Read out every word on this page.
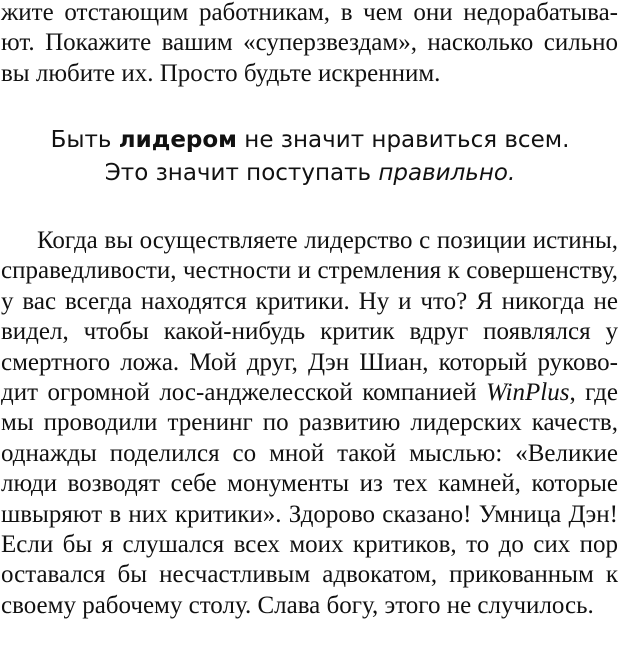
жите отстающим работникам, в чем они недорабатыва-
ют. Покажите вашим «суперзвездам», насколько сильно
вы любите их. Просто будьте искренним.
Быть лидером не значит нравиться всем.
Это значит поступать правильно.
Когда вы осуществляете лидерство с позиции истины,
справедливости, честности и стремления к совершенству,
у вас всегда находятся критики. Ну и что? Я никогда не
видел, чтобы какой-нибудь критик вдруг появлялся у
смертного ложа. Мой друг, Дэн Шиан, который руково-
дит огромной лос-анджелесской компанией WinPlus, где
мы проводили тренинг по развитию лидерских качеств,
однажды поделился со мной такой мыслью: «Великие
люди возводят себе монументы из тех камней, которые
швыряют в них критики». Здорово сказано! Умница Дэн!
Если бы я слушался всех моих критиков, то до сих пор
оставался бы несчастливым адвокатом, прикованным к
своему рабочему столу. Слава богу, этого не случилось.
